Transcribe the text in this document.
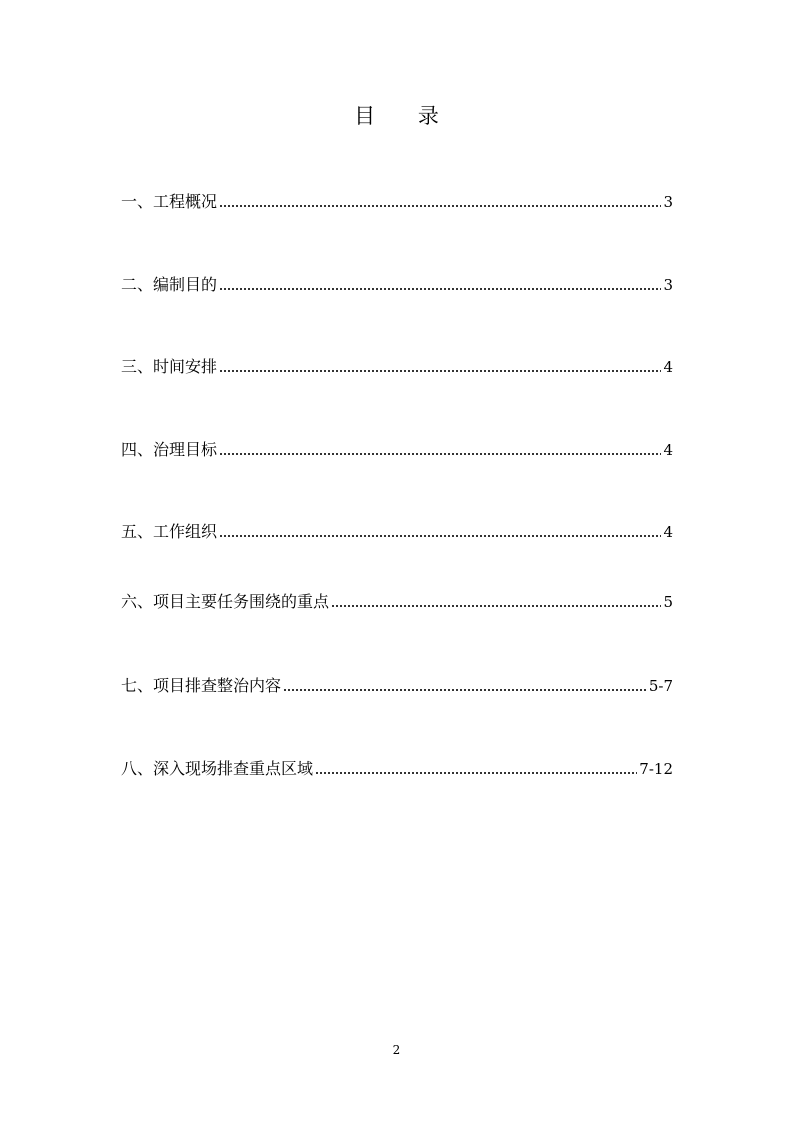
目 录
一、工程概况	3
二、编制目的	3
三、时间安排	4
四、治理目标	4
五、工作组织	4
六、项目主要任务围绕的重点	5
七、项目排查整治内容	5-7
八、深入现场排查重点区域	7-12
2
